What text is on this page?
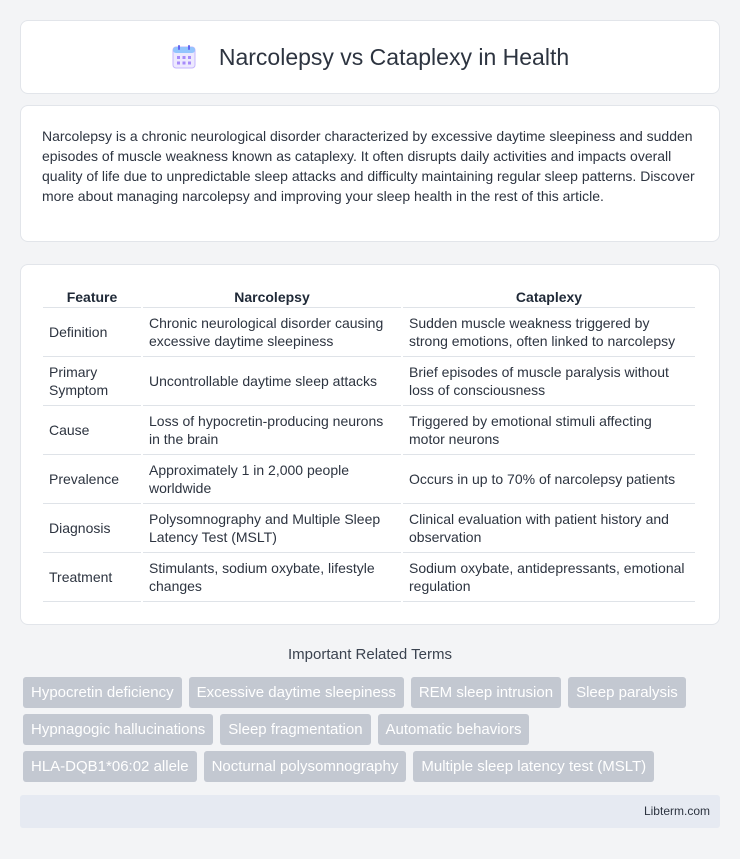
Narcolepsy vs Cataplexy in Health

Narcolepsy is a chronic neurological disorder characterized by excessive daytime sleepiness and sudden episodes of muscle weakness known as cataplexy. It often disrupts daily activities and impacts overall quality of life due to unpredictable sleep attacks and difficulty maintaining regular sleep patterns. Discover more about managing narcolepsy and improving your sleep health in the rest of this article.

Feature	Narcolepsy	Cataplexy
Definition	Chronic neurological disorder causing excessive daytime sleepiness	Sudden muscle weakness triggered by strong emotions, often linked to narcolepsy
Primary Symptom	Uncontrollable daytime sleep attacks	Brief episodes of muscle paralysis without loss of consciousness
Cause	Loss of hypocretin-producing neurons in the brain	Triggered by emotional stimuli affecting motor neurons
Prevalence	Approximately 1 in 2,000 people worldwide	Occurs in up to 70% of narcolepsy patients
Diagnosis	Polysomnography and Multiple Sleep Latency Test (MSLT)	Clinical evaluation with patient history and observation
Treatment	Stimulants, sodium oxybate, lifestyle changes	Sodium oxybate, antidepressants, emotional regulation
Important Related Terms
Hypocretin deficiency	Excessive daytime sleepiness	REM sleep intrusion	Sleep paralysis
Hypnagogic hallucinations	Sleep fragmentation	Automatic behaviors
HLA-DQB1*06:02 allele	Nocturnal polysomnography	Multiple sleep latency test (MSLT)
Libterm.com
